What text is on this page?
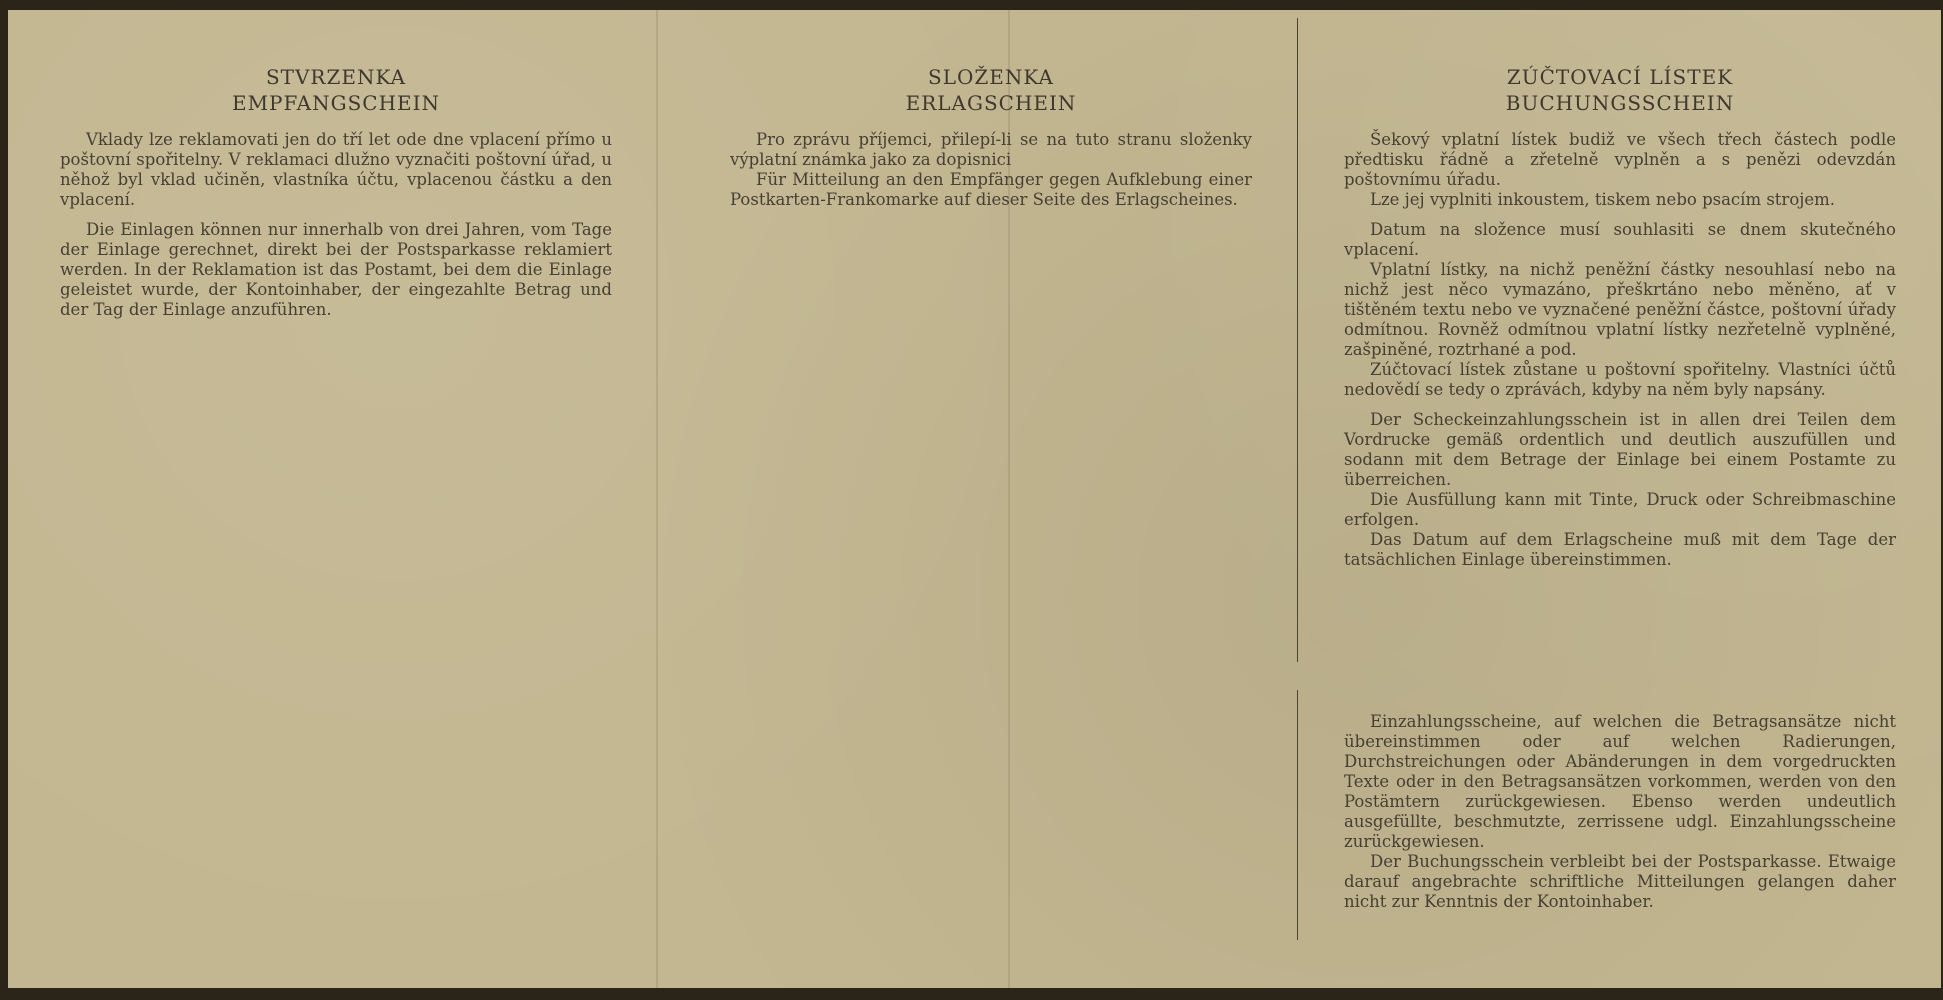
STVRZENKA
EMPFANGSCHEIN

Vklady lze reklamovati jen do tří let ode dne vplacení přímo u poštovní spořitelny. V reklamaci dlužno vyznačiti poštovní úřad, u něhož byl vklad učiněn, vlastníka účtu, vplacenou částku a den vplacení.

Die Einlagen können nur innerhalb von drei Jahren, vom Tage der Einlage gerechnet, direkt bei der Postsparkasse reklamiert werden. In der Reklamation ist das Postamt, bei dem die Einlage geleistet wurde, der Kontoinhaber, der eingezahlte Betrag und der Tag der Einlage anzuführen.

SLOŽENKA
ERLAGSCHEIN

Pro zprávu příjemci, přilepí-li se na tuto stranu složenky výplatní známka jako za dopisnici

Für Mitteilung an den Empfänger gegen Aufklebung einer Postkarten-Frankomarke auf dieser Seite des Erlagscheines.

ZÚČTOVACÍ LÍSTEK
BUCHUNGSSCHEIN

Šekový vplatní lístek budiž ve všech třech částech podle předtisku řádně a zřetelně vyplněn a s penězi odevzdán poštovnímu úřadu.

Lze jej vyplniti inkoustem, tiskem nebo psacím strojem.

Datum na složence musí souhlasiti se dnem skutečného vplacení.

Vplatní lístky, na nichž peněžní částky nesouhlasí nebo na nichž jest něco vymazáno, přeškrtáno nebo měněno, ať v tištěném textu nebo ve vyznačené peněžní částce, poštovní úřady odmítnou. Rovněž odmítnou vplatní lístky nezřetelně vyplněné, zašpiněné, roztrhané a pod.

Zúčtovací lístek zůstane u poštovní spořitelny. Vlastníci účtů nedovědí se tedy o zprávách, kdyby na něm byly napsány.

Der Scheckeinzahlungsschein ist in allen drei Teilen dem Vordrucke gemäß ordentlich und deutlich auszufüllen und sodann mit dem Betrage der Einlage bei einem Postamte zu überreichen.

Die Ausfüllung kann mit Tinte, Druck oder Schreibmaschine erfolgen.

Das Datum auf dem Erlagscheine muß mit dem Tage der tatsächlichen Einlage übereinstimmen.

Einzahlungsscheine, auf welchen die Betragsansätze nicht übereinstimmen oder auf welchen Radierungen, Durchstreichungen oder Abänderungen in dem vorgedruckten Texte oder in den Betragsansätzen vorkommen, werden von den Postämtern zurückgewiesen. Ebenso werden undeutlich ausgefüllte, beschmutzte, zerrissene udgl. Einzahlungsscheine zurückgewiesen.

Der Buchungsschein verbleibt bei der Postsparkasse. Etwaige darauf angebrachte schriftliche Mitteilungen gelangen daher nicht zur Kenntnis der Kontoinhaber.
